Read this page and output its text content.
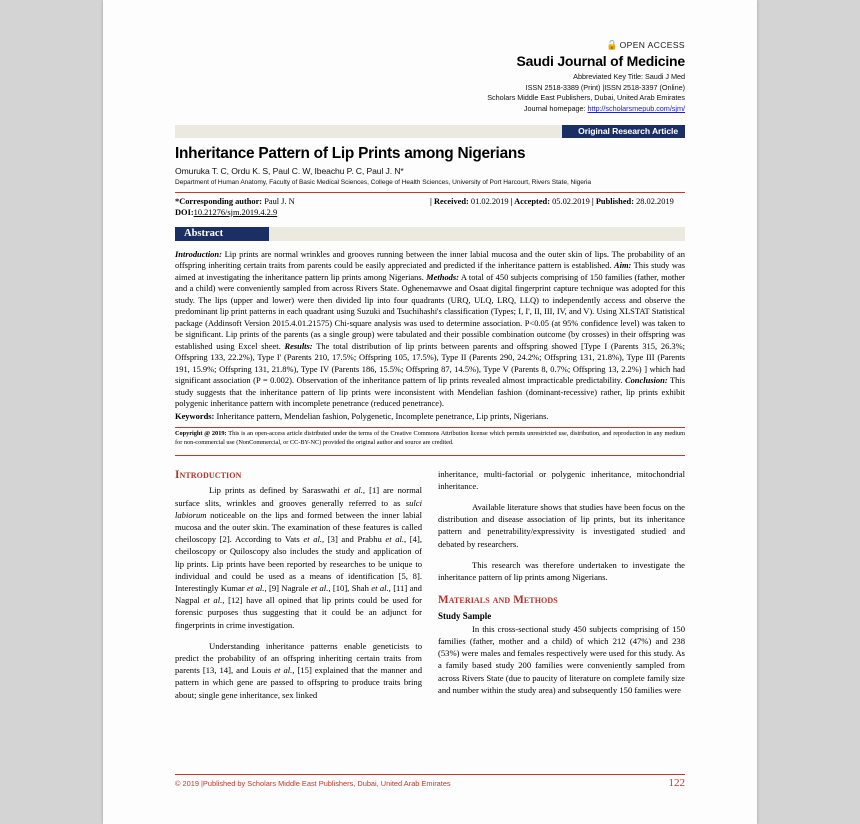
🔓 OPEN ACCESS
Saudi Journal of Medicine
Abbreviated Key Title: Saudi J Med
ISSN 2518-3389 (Print) |ISSN 2518-3397 (Online)
Scholars Middle East Publishers, Dubai, United Arab Emirates
Journal homepage: http://scholarsmepub.com/sjm/
Original Research Article
Inheritance Pattern of Lip Prints among Nigerians
Omuruka T. C, Ordu K. S, Paul C. W, Ibeachu P. C, Paul J. N*
Department of Human Anatomy, Faculty of Basic Medical Sciences, College of Health Sciences, University of Port Harcourt, Rivers State, Nigeria
*Corresponding author: Paul J. N
DOI:10.21276/sjm.2019.4.2.9
| Received: 01.02.2019 | Accepted: 05.02.2019 | Published: 28.02.2019
Abstract
Introduction: Lip prints are normal wrinkles and grooves running between the inner labial mucosa and the outer skin of lips. The probability of an offspring inheriting certain traits from parents could be easily appreciated and predicted if the inheritance pattern is established. Aim: This study was aimed at investigating the inheritance pattern lip prints among Nigerians. Methods: A total of 450 subjects comprising of 150 families (father, mother and a child) were conveniently sampled from across Rivers State. Oghenemavwe and Osaat digital fingerprint capture technique was adopted for this study. The lips (upper and lower) were then divided lip into four quadrants (URQ, ULQ, LRQ, LLQ) to independently access and observe the predominant lip print patterns in each quadrant using Suzuki and Tsuchihashi's classification (Types; I, I', II, III, IV, and V). Using XLSTAT Statistical package (Addinsoft Version 2015.4.01.21575) Chi-square analysis was used to determine association. P<0.05 (at 95% confidence level) was taken to be significant. Lip prints of the parents (as a single group) were tabulated and their possible combination outcome (by crosses) in their offspring was established using Excel sheet. Results: The total distribution of lip prints between parents and offspring showed [Type I (Parents 315, 26.3%; Offspring 133, 22.2%), Type I' (Parents 210, 17.5%; Offspring 105, 17.5%), Type II (Parents 290, 24.2%; Offspring 131, 21.8%), Type III (Parents 191, 15.9%; Offspring 131, 21.8%), Type IV (Parents 186, 15.5%; Offspring 87, 14.5%), Type V (Parents 8, 0.7%; Offspring 13, 2.2%) ] which had significant association (P = 0.002). Observation of the inheritance pattern of lip prints revealed almost impracticable predictability. Conclusion: This study suggests that the inheritance pattern of lip prints were inconsistent with Mendelian fashion (dominant-recessive) rather, lip prints exhibit polygenic inheritance pattern with incomplete penetrance (reduced penetrance).
Keywords: Inheritance pattern, Mendelian fashion, Polygenetic, Incomplete penetrance, Lip prints, Nigerians.
Copyright @ 2019: This is an open-access article distributed under the terms of the Creative Commons Attribution license which permits unrestricted use, distribution, and reproduction in any medium for non-commercial use (NonCommercial, or CC-BY-NC) provided the original author and source are credited.
Introduction

Lip prints as defined by Saraswathi et al., [1] are normal surface slits, wrinkles and grooves generally referred to as sulci labiorum noticeable on the lips and formed between the inner labial mucosa and the outer skin. The examination of these features is called cheiloscopy [2]. According to Vats et al., [3] and Prabhu et al., [4], cheiloscopy or Quiloscopy also includes the study and application of lip prints. Lip prints have been reported by researches to be unique to individual and could be used as a means of identification [5, 8]. Interestingly Kumar et al., [9] Nagrale et al., [10], Shah et al., [11] and Nagpal et al., [12] have all opined that lip prints could be used for forensic purposes thus suggesting that it could be an adjunct for fingerprints in crime investigation.

Understanding inheritance patterns enable geneticists to predict the probability of an offspring inheriting certain traits from parents [13, 14], and Louis et al., [15] explained that the manner and pattern in which gene are passed to offspring to produce traits bring about; single gene inheritance, sex linked

inheritance, multi-factorial or polygenic inheritance, mitochondrial inheritance.

Available literature shows that studies have been focus on the distribution and disease association of lip prints, but its inheritance pattern and penetrability/expressivity is investigated studied and debated by researchers.

This research was therefore undertaken to investigate the inheritance pattern of lip prints among Nigerians.

Materials and Methods
Study Sample

In this cross-sectional study 450 subjects comprising of 150 families (father, mother and a child) of which 212 (47%) and 238 (53%) were males and females respectively were used for this study. As a family based study 200 families were conveniently sampled from across Rivers State (due to paucity of literature on complete family size and number within the study area) and subsequently 150 families were

© 2019 |Published by Scholars Middle East Publishers, Dubai, United Arab Emirates	122
